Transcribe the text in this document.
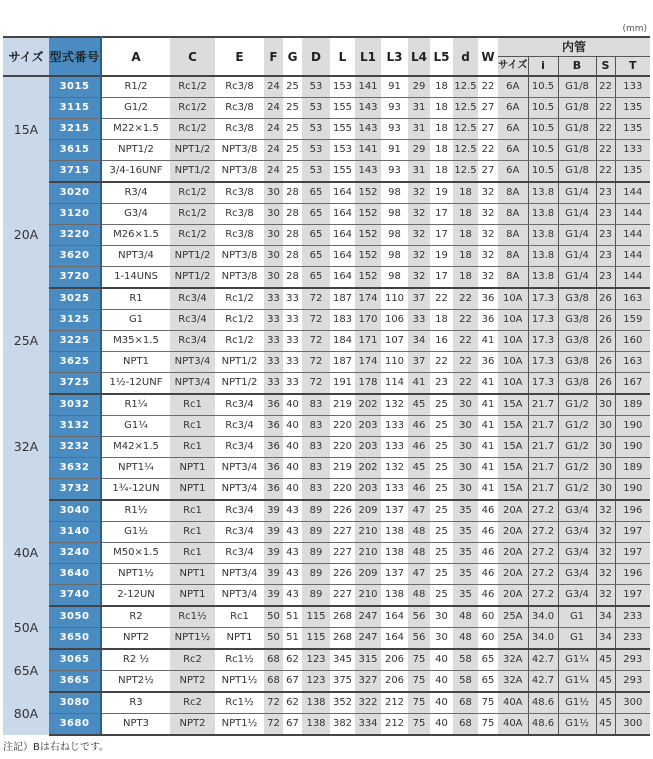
(mm)
サイズ	型式番号	A	C	E	F	G	D	L	L1	L3	L4	L5	d	W	内管				
															サイズ	i	B	S	T
15A	3015	R1/2	Rc1/2	Rc3/8	24	25	53	153	141	91	29	18	12.5	22	6A	10.5	G1/8	22	133
	3115	G1/2	Rc1/2	Rc3/8	24	25	53	155	143	93	31	18	12.5	27	6A	10.5	G1/8	22	135
	3215	M22×1.5	Rc1/2	Rc3/8	24	25	53	155	143	93	31	18	12.5	27	6A	10.5	G1/8	22	135
	3615	NPT1/2	NPT1/2	NPT3/8	24	25	53	153	141	91	29	18	12.5	22	6A	10.5	G1/8	22	133
	3715	3/4-16UNF	NPT1/2	NPT3/8	24	25	53	155	143	93	31	18	12.5	27	6A	10.5	G1/8	22	135
20A	3020	R3/4	Rc1/2	Rc3/8	30	28	65	164	152	98	32	19	18	32	8A	13.8	G1/4	23	144
	3120	G3/4	Rc1/2	Rc3/8	30	28	65	164	152	98	32	17	18	32	8A	13.8	G1/4	23	144
	3220	M26×1.5	Rc1/2	Rc3/8	30	28	65	164	152	98	32	17	18	32	8A	13.8	G1/4	23	144
	3620	NPT3/4	NPT1/2	NPT3/8	30	28	65	164	152	98	32	19	18	32	8A	13.8	G1/4	23	144
	3720	1-14UNS	NPT1/2	NPT3/8	30	28	65	164	152	98	32	17	18	32	8A	13.8	G1/4	23	144
25A	3025	R1	Rc3/4	Rc1/2	33	33	72	187	174	110	37	22	22	36	10A	17.3	G3/8	26	163
	3125	G1	Rc3/4	Rc1/2	33	33	72	183	170	106	33	18	22	36	10A	17.3	G3/8	26	159
	3225	M35×1.5	Rc3/4	Rc1/2	33	33	72	184	171	107	34	16	22	41	10A	17.3	G3/8	26	160
	3625	NPT1	NPT3/4	NPT1/2	33	33	72	187	174	110	37	22	22	36	10A	17.3	G3/8	26	163
	3725	1½-12UNF	NPT3/4	NPT1/2	33	33	72	191	178	114	41	23	22	41	10A	17.3	G3/8	26	167
32A	3032	R1¼	Rc1	Rc3/4	36	40	83	219	202	132	45	25	30	41	15A	21.7	G1/2	30	189
	3132	G1¼	Rc1	Rc3/4	36	40	83	220	203	133	46	25	30	41	15A	21.7	G1/2	30	190
	3232	M42×1.5	Rc1	Rc3/4	36	40	83	220	203	133	46	25	30	41	15A	21.7	G1/2	30	190
	3632	NPT1¼	NPT1	NPT3/4	36	40	83	219	202	132	45	25	30	41	15A	21.7	G1/2	30	189
	3732	1¾-12UN	NPT1	NPT3/4	36	40	83	220	203	133	46	25	30	41	15A	21.7	G1/2	30	190
40A	3040	R1½	Rc1	Rc3/4	39	43	89	226	209	137	47	25	35	46	20A	27.2	G3/4	32	196
	3140	G1½	Rc1	Rc3/4	39	43	89	227	210	138	48	25	35	46	20A	27.2	G3/4	32	197
	3240	M50×1.5	Rc1	Rc3/4	39	43	89	227	210	138	48	25	35	46	20A	27.2	G3/4	32	197
	3640	NPT1½	NPT1	NPT3/4	39	43	89	226	209	137	47	25	35	46	20A	27.2	G3/4	32	196
	3740	2-12UN	NPT1	NPT3/4	39	43	89	227	210	138	48	25	35	46	20A	27.2	G3/4	32	197
50A	3050	R2	Rc1½	Rc1	50	51	115	268	247	164	56	30	48	60	25A	34.0	G1	34	233
	3650	NPT2	NPT1½	NPT1	50	51	115	268	247	164	56	30	48	60	25A	34.0	G1	34	233
65A	3065	R2 ½	Rc2	Rc1½	68	62	123	345	315	206	75	40	58	65	32A	42.7	G1¼	45	293
	3665	NPT2½	NPT2	NPT1½	68	67	123	375	327	206	75	40	58	65	32A	42.7	G1¼	45	293
80A	3080	R3	Rc2	Rc1½	72	62	138	352	322	212	75	40	68	75	40A	48.6	G1½	45	300
	3680	NPT3	NPT2	NPT1½	72	67	138	382	334	212	75	40	68	75	40A	48.6	G1½	45	300
注記）Bは右ねじです。
